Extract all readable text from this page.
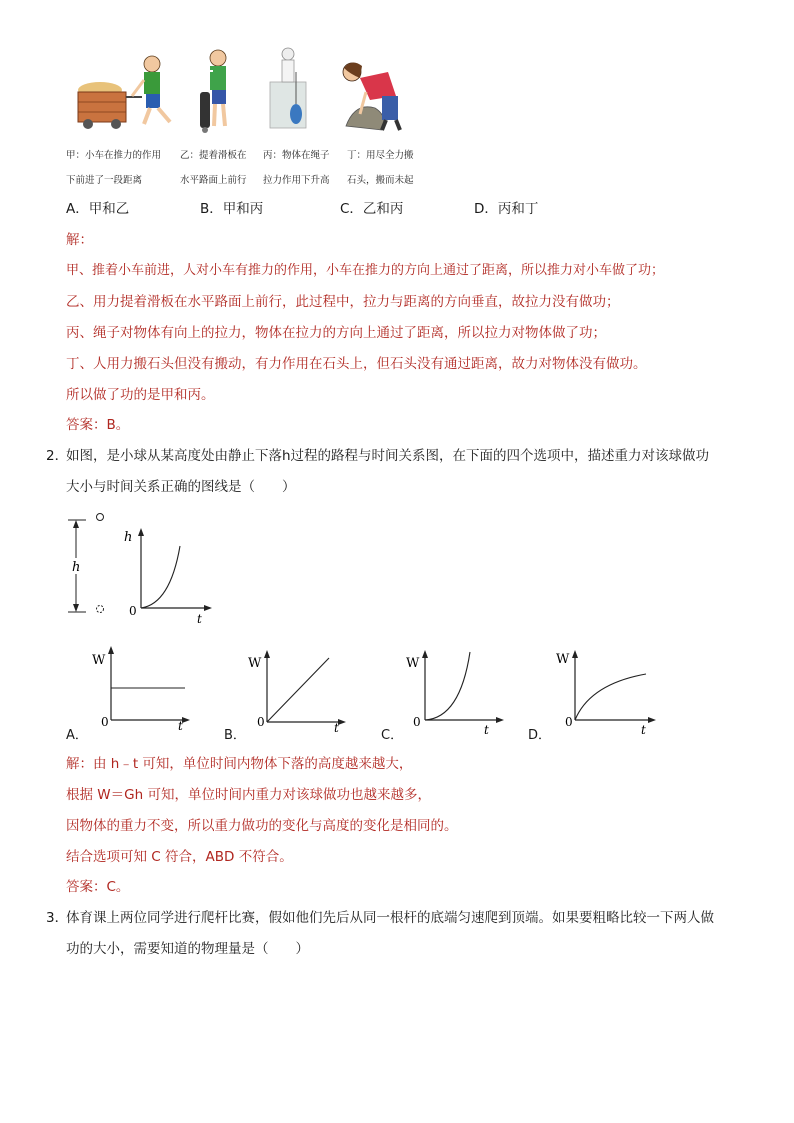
甲：小车在推力的作用
下前进了一段距离
乙：提着滑板在
水平路面上前行
丙：物体在绳子
拉力作用下升高
丁：用尽全力搬
石头，搬而未起
A．甲和乙	B．甲和丙	C．乙和丙	D．丙和丁
解：
甲、推着小车前进，人对小车有推力的作用，小车在推力的方向上通过了距离，所以推力对小车做了功；
乙、用力提着滑板在水平路面上前行，此过程中，拉力与距离的方向垂直，故拉力没有做功；
丙、绳子对物体有向上的拉力，物体在拉力的方向上通过了距离，所以拉力对物体做了功；
丁、人用力搬石头但没有搬动，有力作用在石头上，但石头没有通过距离，故力对物体没有做功。
所以做了功的是甲和丙。
答案：B。
2．
如图，是小球从某高度处由静止下落h过程的路程与时间关系图，在下面的四个选项中，描述重力对该球做功
大小与时间关系正确的图线是（　　）
h
h
t
0
W
t
0
A．
W
t
0
B．
W
t
0
C．
W
t
0
D．
解：由 h﹣t 可知，单位时间内物体下落的高度越来越大，
根据 W＝Gh 可知，单位时间内重力对该球做功也越来越多，
因物体的重力不变，所以重力做功的变化与高度的变化是相同的。
结合选项可知 C 符合，ABD 不符合。
答案：C。
3．
体育课上两位同学进行爬杆比赛，假如他们先后从同一根杆的底端匀速爬到顶端。如果要粗略比较一下两人做
功的大小，需要知道的物理量是（　　）
